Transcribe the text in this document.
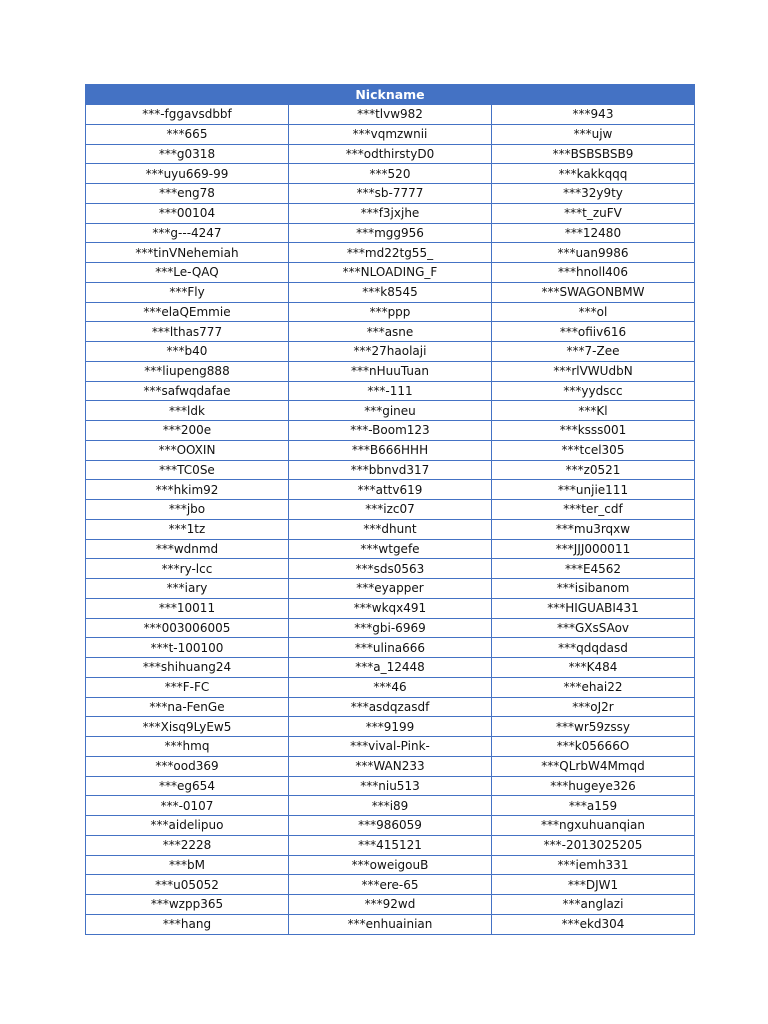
Nickname		
***-fggavsdbbf	***tlvw982	***943
***665	***vqmzwnii	***ujw
***g0318	***odthirstyD0	***BSBSBSB9
***uyu669-99	***520	***kakkqqq
***eng78	***sb-7777	***32y9ty
***00104	***f3jxjhe	***t_zuFV
***g---4247	***mgg956	***12480
***tinVNehemiah	***md22tg55_	***uan9986
***Le-QAQ	***NLOADING_F	***hnoll406
***Fly	***k8545	***SWAGONBMW
***elaQEmmie	***ppp	***ol
***lthas777	***asne	***ofiiv616
***b40	***27haolaji	***7-Zee
***liupeng888	***nHuuTuan	***rlVWUdbN
***safwqdafae	***-111	***yydscc
***ldk	***gineu	***Kl
***200e	***-Boom123	***ksss001
***OOXIN	***B666HHH	***tcel305
***TC0Se	***bbnvd317	***z0521
***hkim92	***attv619	***unjie111
***jbo	***izc07	***ter_cdf
***1tz	***dhunt	***mu3rqxw
***wdnmd	***wtgefe	***JJJ000011
***ry-lcc	***sds0563	***E4562
***iary	***eyapper	***isibanom
***10011	***wkqx491	***HIGUABI431
***003006005	***gbi-6969	***GXsSAov
***t-100100	***ulina666	***qdqdasd
***shihuang24	***a_12448	***K484
***F-FC	***46	***ehai22
***na-FenGe	***asdqzasdf	***oJ2r
***Xisq9LyEw5	***9199	***wr59zssy
***hmq	***vival-Pink-	***k05666O
***ood369	***WAN233	***QLrbW4Mmqd
***eg654	***niu513	***hugeye326
***-0107	***i89	***a159
***aidelipuo	***986059	***ngxuhuanqian
***2228	***415121	***-2013025205
***bM	***oweigouB	***iemh331
***u05052	***ere-65	***DJW1
***wzpp365	***92wd	***anglazi
***hang	***enhuainian	***ekd304
